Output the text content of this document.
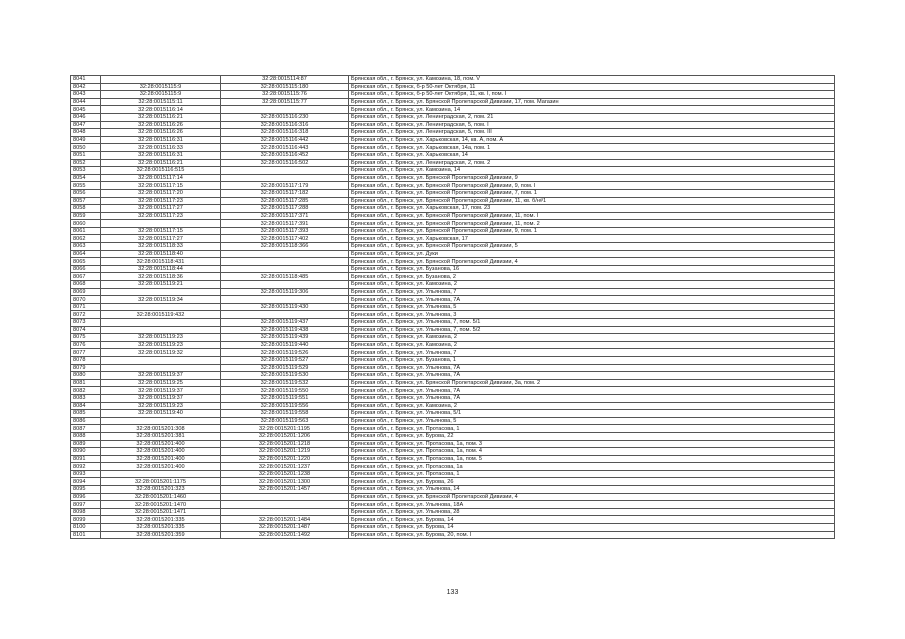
8041		32:28:0015114:87	Брянская обл., г. Брянск, ул. Камозина, 18, пом. V
8042	32:28:0015115:9	32:28:0015115:180	Брянская обл., г. Брянск, б-р 50-лет Октября, 11
8043	32:28:0015115:9	32:28:0015115:76	Брянская обл., г. Брянск, б-р 50-лет Октября, 11, кв. I, пом. I
8044	32:28:0015115:11	32:28:0015115:77	Брянская обл., г. Брянск, ул. Брянской Пролетарской Дивизии, 17, пом. Магазин
8045	32:28:0015116:14		Брянская обл., г. Брянск, ул. Камозина, 14
8046	32:28:0015116:21	32:28:0015116:230	Брянская обл., г. Брянск, ул. Ленинградская, 2, пом. 21
8047	32:28:0015116:26	32:28:0015116:316	Брянская обл., г. Брянск, ул. Ленинградская, 5, пом. I
8048	32:28:0015116:26	32:28:0015116:318	Брянская обл., г. Брянск, ул. Ленинградская, 5, пом. III
8049	32:28:0015116:31	32:28:0015116:442	Брянская обл., г. Брянск, ул. Харьковская, 14, кв. А, пом. А
8050	32:28:0015116:33	32:28:0015116:443	Брянская обл., г. Брянск, ул. Харьковская, 14а, пом. 1
8051	32:28:0015116:31	32:28:0015116:452	Брянская обл., г. Брянск, ул. Харьковская, 14
8052	32:28:0015116:21	32:28:0015116:502	Брянская обл., г. Брянск, ул. Ленинградская, 2, пом. 2
8053	32:28:0015116:515		Брянская обл., г. Брянск, ул. Камозина, 14
8054	32:28:0015117:14		Брянская обл., г. Брянск, ул. Брянской Пролетарской Дивизии, 9
8055	32:28:0015117:15	32:28:0015117:179	Брянская обл., г. Брянск, ул. Брянской Пролетарской Дивизии, 9, пом. I
8056	32:28:0015117:20	32:28:0015117:182	Брянская обл., г. Брянск, ул. Брянской Пролетарской Дивизии, 7, пом. 1
8057	32:28:0015117:23	32:28:0015117:285	Брянская обл., г. Брянск, ул. Брянской Пролетарской Дивизии, 11, кв. б/н#1
8058	32:28:0015117:27	32:28:0015117:288	Брянская обл., г. Брянск, ул. Харьковская, 17, пом. 23
8059	32:28:0015117:23	32:28:0015117:371	Брянская обл., г. Брянск, ул. Брянской Пролетарской Дивизии, 11, пом. I
8060		32:28:0015117:391	Брянская обл., г. Брянск, ул. Брянской Пролетарской Дивизии, 11, пом. 2
8061	32:28:0015117:15	32:28:0015117:393	Брянская обл., г. Брянск, ул. Брянской Пролетарской Дивизии, 9, пом. 1
8062	32:28:0015117:27	32:28:0015117:402	Брянская обл., г. Брянск, ул. Харьковская, 17
8063	32:28:0015118:33	32:28:0015118:366	Брянская обл., г. Брянск, ул. Брянской Пролетарской Дивизии, 5
8064	32:28:0015118:40		Брянская обл., г. Брянск, ул. Дуки
8065	32:28:0015118:431		Брянская обл., г. Брянск, ул. Брянской Пролетарской Дивизии, 4
8066	32:28:0015118:44		Брянская обл., г. Брянск, ул. Бузанова, 16
8067	32:28:0015118:36	32:28:0015118:485	Брянская обл., г. Брянск, ул. Бузанова, 2
8068	32:28:0015119:21		Брянская обл., г. Брянск, ул. Камозина, 2
8069		32:28:0015119:306	Брянская обл., г. Брянск, ул. Ульянова, 7
8070	32:28:0015119:34		Брянская обл., г. Брянск, ул. Ульянова, 7А
8071		32:28:0015119:430	Брянская обл., г. Брянск, ул. Ульянова, 5
8072	32:28:0015119:432		Брянская обл., г. Брянск, ул. Ульянова, 3
8073		32:28:0015119:437	Брянская обл., г. Брянск, ул. Ульянова, 7, пом. 5/1
8074		32:28:0015119:438	Брянская обл., г. Брянск, ул. Ульянова, 7, пом. 5/2
8075	32:28:0015119:23	32:28:0015119:439	Брянская обл., г. Брянск, ул. Камозина, 2
8076	32:28:0015119:23	32:28:0015119:440	Брянская обл., г. Брянск, ул. Камозина, 2
8077	32:28:0015119:32	32:28:0015119:526	Брянская обл., г. Брянск, ул. Ульянова, 7
8078		32:28:0015119:527	Брянская обл., г. Брянск, ул. Бузанова, 1
8079		32:28:0015119:529	Брянская обл., г. Брянск, ул. Ульянова, 7А
8080	32:28:0015119:37	32:28:0015119:530	Брянская обл., г. Брянск, ул. Ульянова, 7А
8081	32:28:0015119:25	32:28:0015119:532	Брянская обл., г. Брянск, ул. Брянской Пролетарской Дивизии, 3а, пом. 2
8082	32:28:0015119:37	32:28:0015119:550	Брянская обл., г. Брянск, ул. Ульянова, 7А
8083	32:28:0015119:37	32:28:0015119:551	Брянская обл., г. Брянск, ул. Ульянова, 7А
8084	32:28:0015119:23	32:28:0015119:556	Брянская обл., г. Брянск, ул. Камозина, 2
8085	32:28:0015119:40	32:28:0015119:558	Брянская обл., г. Брянск, ул. Ульянова, 5/1
8086		32:28:0015119:563	Брянская обл., г. Брянск, ул. Ульянова, 5
8087	32:28:0015201:308	32:28:0015201:1195	Брянская обл., г. Брянск, ул. Протасова, 1
8088	32:28:0015201:381	32:28:0015201:1206	Брянская обл., г. Брянск, ул. Бурова, 22
8089	32:28:0015201:400	32:28:0015201:1218	Брянская обл., г. Брянск, ул. Протасова, 1а, пом. 3
8090	32:28:0015201:400	32:28:0015201:1219	Брянская обл., г. Брянск, ул. Протасова, 1а, пом. 4
8091	32:28:0015201:400	32:28:0015201:1220	Брянская обл., г. Брянск, ул. Протасова, 1а, пом. 5
8092	32:28:0015201:400	32:28:0015201:1237	Брянская обл., г. Брянск, ул. Протасова, 1а
8093		32:28:0015201:1238	Брянская обл., г. Брянск, ул. Протасова, 1
8094	32:28:0015201:1175	32:28:0015201:1300	Брянская обл., г. Брянск, ул. Бурова, 26
8095	32:28:0015201:323	32:28:0015201:1457	Брянская обл., г. Брянск, ул. Ульянова, 14
8096	32:28:0015201:1460		Брянская обл., г. Брянск, ул. Брянской Пролетарской Дивизии, 4
8097	32:28:0015201:1470		Брянская обл., г. Брянск, ул. Ульянова, 18А
8098	32:28:0015201:1471		Брянская обл., г. Брянск, ул. Ульянова, 28
8099	32:28:0015201:335	32:28:0015201:1484	Брянская обл., г. Брянск, ул. Бурова, 14
8100	32:28:0015201:335	32:28:0015201:1487	Брянская обл., г. Брянск, ул. Бурова, 14
8101	32:28:0015201:359	32:28:0015201:1492	Брянская обл., г. Брянск, ул. Бурова, 20, пом. I
133
